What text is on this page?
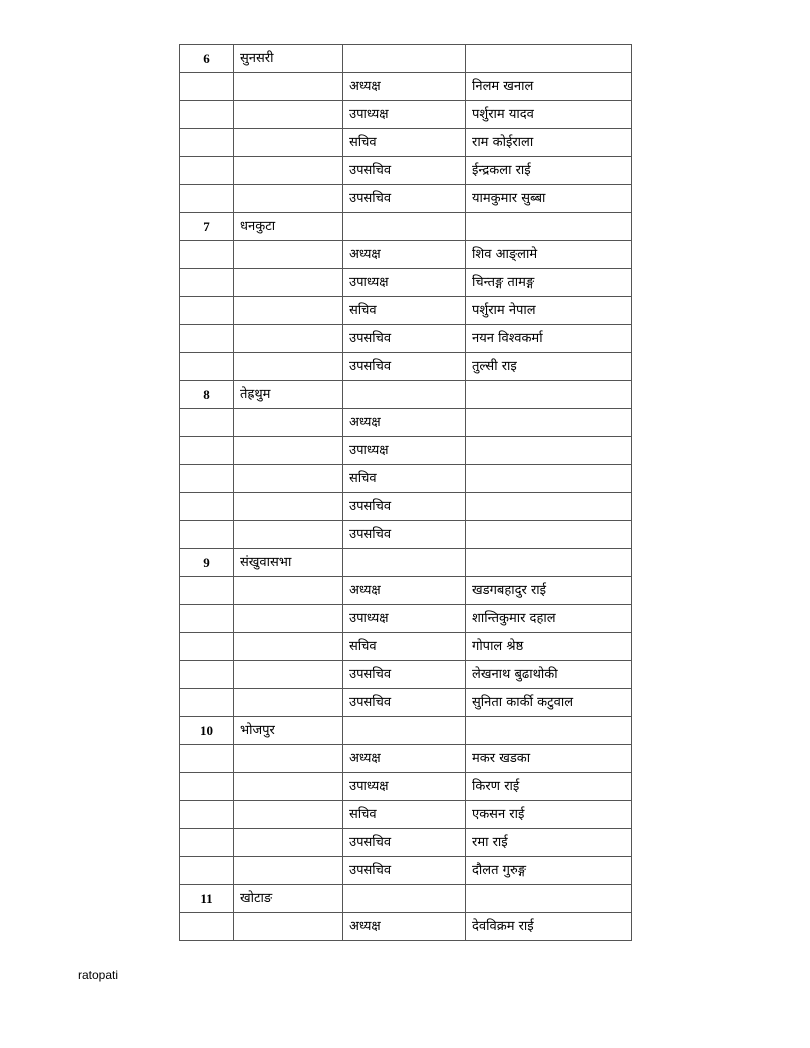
6	सुनसरी		
		अध्यक्ष	निलम खनाल
		उपाध्यक्ष	पर्शुराम यादव
		सचिव	राम कोईराला
		उपसचिव	ईन्द्रकला राई
		उपसचिव	यामकुमार सुब्बा
7	धनकुटा		
		अध्यक्ष	शिव आङ्लामे
		उपाध्यक्ष	चिन्तङ्ग तामङ्ग
		सचिव	पर्शुराम नेपाल
		उपसचिव	नयन विश्वकर्मा
		उपसचिव	तुल्सी राइ
8	तेह्रथुम		
		अध्यक्ष	
		उपाध्यक्ष	
		सचिव	
		उपसचिव	
		उपसचिव	
9	संखुवासभा		
		अध्यक्ष	खडगबहादुर राई
		उपाध्यक्ष	शान्तिकुमार दहाल
		सचिव	गोपाल श्रेष्ठ
		उपसचिव	लेखनाथ बुढाथोकी
		उपसचिव	सुनिता कार्की कटुवाल
10	भोजपुर		
		अध्यक्ष	मकर खडका
		उपाध्यक्ष	किरण राई
		सचिव	एकसन राई
		उपसचिव	रमा राई
		उपसचिव	दौलत गुरुङ्ग
11	खोटाङ		
		अध्यक्ष	देवविक्रम राई
ratopati
